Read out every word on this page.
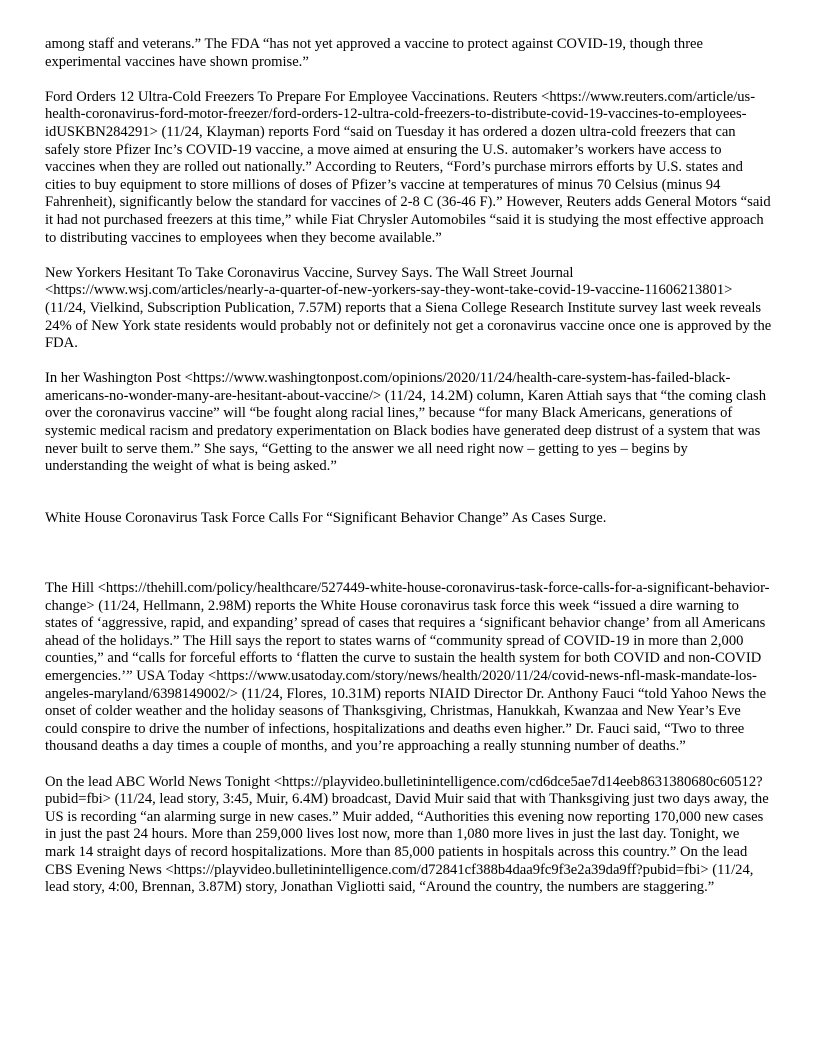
among staff and veterans.” The FDA “has not yet approved a vaccine to protect against COVID-19, though three experimental vaccines have shown promise.”

Ford Orders 12 Ultra-Cold Freezers To Prepare For Employee Vaccinations. Reuters <https://www.reuters.com/article/us-health-coronavirus-ford-motor-freezer/ford-orders-12-ultra-cold-freezers-to-distribute-covid-19-vaccines-to-employees-idUSKBN284291> (11/24, Klayman) reports Ford “said on Tuesday it has ordered a dozen ultra-cold freezers that can safely store Pfizer Inc’s COVID-19 vaccine, a move aimed at ensuring the U.S. automaker’s workers have access to vaccines when they are rolled out nationally.” According to Reuters, “Ford’s purchase mirrors efforts by U.S. states and cities to buy equipment to store millions of doses of Pfizer’s vaccine at temperatures of minus 70 Celsius (minus 94 Fahrenheit), significantly below the standard for vaccines of 2-8 C (36-46 F).” However, Reuters adds General Motors “said it had not purchased freezers at this time,” while Fiat Chrysler Automobiles “said it is studying the most effective approach to distributing vaccines to employees when they become available.”

New Yorkers Hesitant To Take Coronavirus Vaccine, Survey Says. The Wall Street Journal <https://www.wsj.com/articles/nearly-a-quarter-of-new-yorkers-say-they-wont-take-covid-19-vaccine-11606213801> (11/24, Vielkind, Subscription Publication, 7.57M) reports that a Siena College Research Institute survey last week reveals 24% of New York state residents would probably not or definitely not get a coronavirus vaccine once one is approved by the FDA.

In her Washington Post <https://www.washingtonpost.com/opinions/2020/11/24/health-care-system-has-failed-black-americans-no-wonder-many-are-hesitant-about-vaccine/> (11/24, 14.2M) column, Karen Attiah says that “the coming clash over the coronavirus vaccine” will “be fought along racial lines,” because “for many Black Americans, generations of systemic medical racism and predatory experimentation on Black bodies have generated deep distrust of a system that was never built to serve them.” She says, “Getting to the answer we all need right now – getting to yes – begins by understanding the weight of what is being asked.”

White House Coronavirus Task Force Calls For “Significant Behavior Change” As Cases Surge.

The Hill <https://thehill.com/policy/healthcare/527449-white-house-coronavirus-task-force-calls-for-a-significant-behavior-change> (11/24, Hellmann, 2.98M) reports the White House coronavirus task force this week “issued a dire warning to states of ‘aggressive, rapid, and expanding’ spread of cases that requires a ‘significant behavior change’ from all Americans ahead of the holidays.” The Hill says the report to states warns of “community spread of COVID-19 in more than 2,000 counties,” and “calls for forceful efforts to ‘flatten the curve to sustain the health system for both COVID and non-COVID emergencies.’” USA Today <https://www.usatoday.com/story/news/health/2020/11/24/covid-news-nfl-mask-mandate-los-angeles-maryland/6398149002/> (11/24, Flores, 10.31M) reports NIAID Director Dr. Anthony Fauci “told Yahoo News the onset of colder weather and the holiday seasons of Thanksgiving, Christmas, Hanukkah, Kwanzaa and New Year’s Eve could conspire to drive the number of infections, hospitalizations and deaths even higher.” Dr. Fauci said, “Two to three thousand deaths a day times a couple of months, and you’re approaching a really stunning number of deaths.”

On the lead ABC World News Tonight <https://playvideo.bulletinintelligence.com/cd6dce5ae7d14eeb8631380680c60512?pubid=fbi> (11/24, lead story, 3:45, Muir, 6.4M) broadcast, David Muir said that with Thanksgiving just two days away, the US is recording “an alarming surge in new cases.” Muir added, “Authorities this evening now reporting 170,000 new cases in just the past 24 hours. More than 259,000 lives lost now, more than 1,080 more lives in just the last day. Tonight, we mark 14 straight days of record hospitalizations. More than 85,000 patients in hospitals across this country.” On the lead CBS Evening News <https://playvideo.bulletinintelligence.com/d72841cf388b4daa9fc9f3e2a39da9ff?pubid=fbi> (11/24, lead story, 4:00, Brennan, 3.87M) story, Jonathan Vigliotti said, “Around the country, the numbers are staggering.”
